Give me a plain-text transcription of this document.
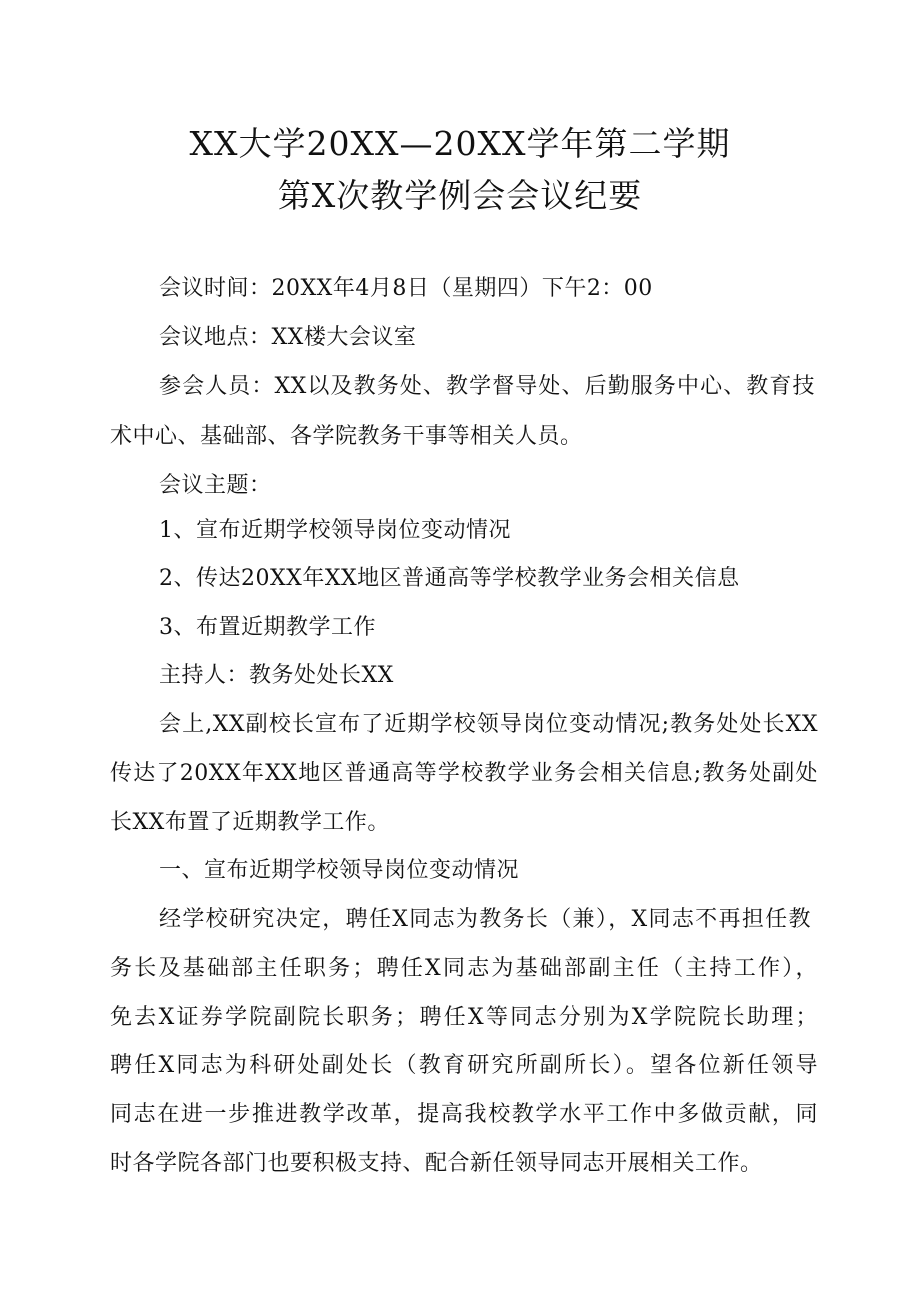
XX大学20XX—20XX学年第二学期
第X次教学例会会议纪要
会议时间：20XX年4月8日（星期四）下午2：00
会议地点：XX楼大会议室
参会人员：XX以及教务处、教学督导处、后勤服务中心、教育技
术中心、基础部、各学院教务干事等相关人员。
会议主题：
1、宣布近期学校领导岗位变动情况
2、传达20XX年XX地区普通高等学校教学业务会相关信息
3、布置近期教学工作
主持人：教务处处长XX
会上,XX副校长宣布了近期学校领导岗位变动情况;教务处处长XX
传达了20XX年XX地区普通高等学校教学业务会相关信息;教务处副处
长XX布置了近期教学工作。
一、宣布近期学校领导岗位变动情况
经学校研究决定，聘任X同志为教务长（兼），X同志不再担任教
务长及基础部主任职务；聘任X同志为基础部副主任（主持工作），
免去X证券学院副院长职务；聘任X等同志分别为X学院院长助理；
聘任X同志为科研处副处长（教育研究所副所长）。望各位新任领导
同志在进一步推进教学改革，提高我校教学水平工作中多做贡献，同
时各学院各部门也要积极支持、配合新任领导同志开展相关工作。
